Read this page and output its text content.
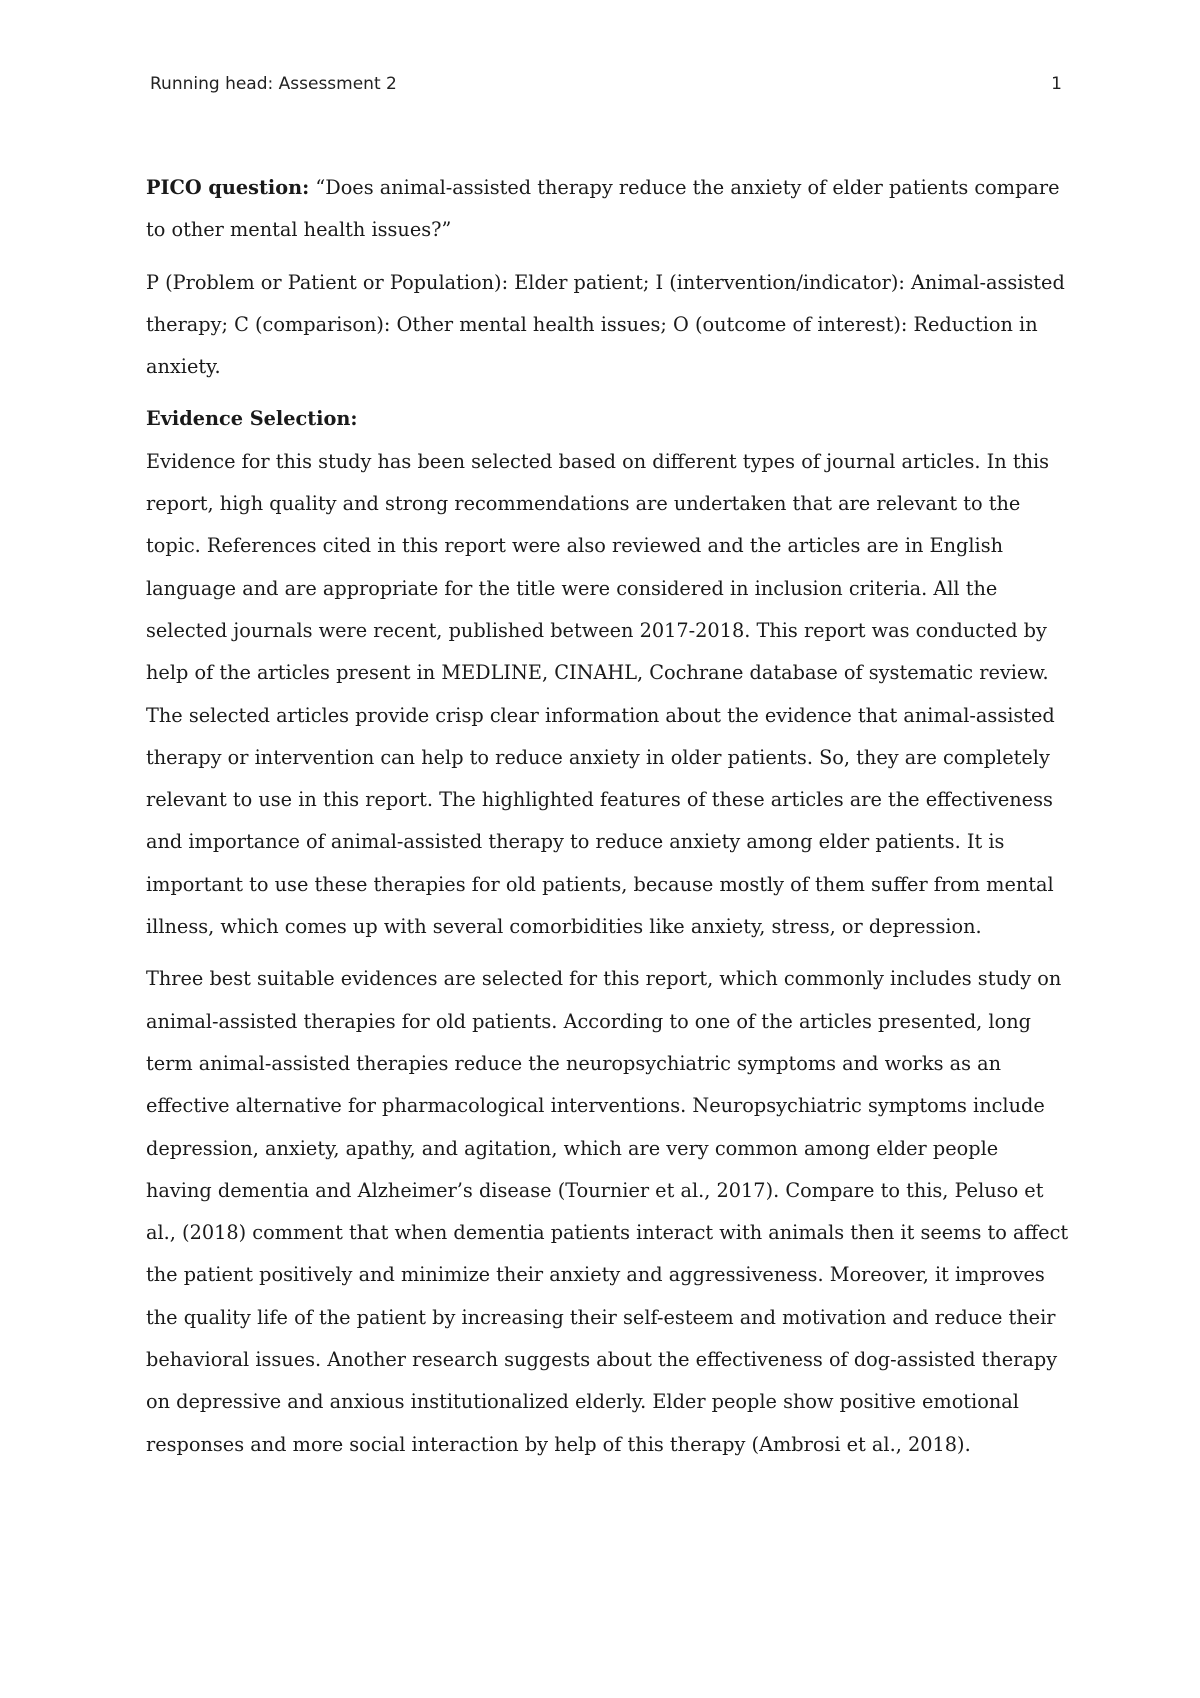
Running head: Assessment 2	1

PICO question: “Does animal-assisted therapy reduce the anxiety of elder patients compare to other mental health issues?”

P (Problem or Patient or Population): Elder patient; I (intervention/indicator): Animal-assisted therapy; C (comparison): Other mental health issues; O (outcome of interest): Reduction in anxiety.

Evidence Selection:

Evidence for this study has been selected based on different types of journal articles. In this report, high quality and strong recommendations are undertaken that are relevant to the topic. References cited in this report were also reviewed and the articles are in English language and are appropriate for the title were considered in inclusion criteria. All the selected journals were recent, published between 2017-2018. This report was conducted by help of the articles present in MEDLINE, CINAHL, Cochrane database of systematic review. The selected articles provide crisp clear information about the evidence that animal-assisted therapy or intervention can help to reduce anxiety in older patients. So, they are completely relevant to use in this report. The highlighted features of these articles are the effectiveness and importance of animal-assisted therapy to reduce anxiety among elder patients. It is important to use these therapies for old patients, because mostly of them suffer from mental illness, which comes up with several comorbidities like anxiety, stress, or depression.

Three best suitable evidences are selected for this report, which commonly includes study on animal-assisted therapies for old patients. According to one of the articles presented, long term animal-assisted therapies reduce the neuropsychiatric symptoms and works as an effective alternative for pharmacological interventions. Neuropsychiatric symptoms include depression, anxiety, apathy, and agitation, which are very common among elder people having dementia and Alzheimer’s disease (Tournier et al., 2017). Compare to this, Peluso et al., (2018) comment that when dementia patients interact with animals then it seems to affect the patient positively and minimize their anxiety and aggressiveness. Moreover, it improves the quality life of the patient by increasing their self-esteem and motivation and reduce their behavioral issues. Another research suggests about the effectiveness of dog-assisted therapy on depressive and anxious institutionalized elderly. Elder people show positive emotional responses and more social interaction by help of this therapy (Ambrosi et al., 2018).
